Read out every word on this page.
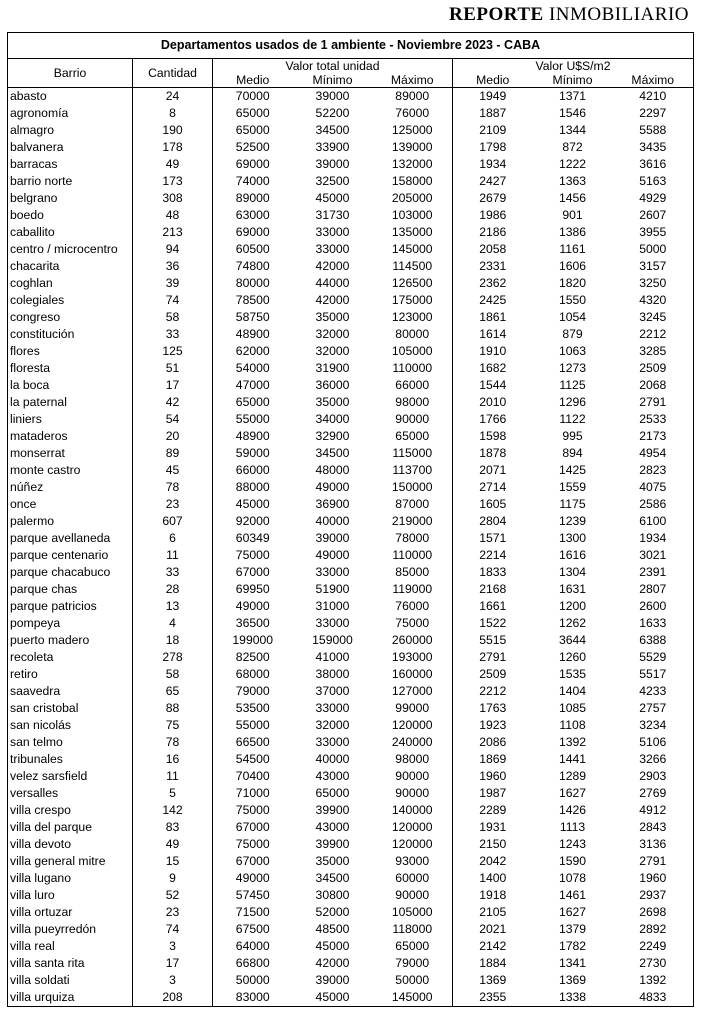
REPORTE INMOBILIARIO
Departamentos usados de 1 ambiente - Noviembre 2023 - CABA							
Barrio	Cantidad	Valor total unidad			Valor U$S/m2		
		Medio	Mínimo	Máximo	Medio	Mínimo	Máximo
abasto	24	70000	39000	89000	1949	1371	4210
agronomía	8	65000	52200	76000	1887	1546	2297
almagro	190	65000	34500	125000	2109	1344	5588
balvanera	178	52500	33900	139000	1798	872	3435
barracas	49	69000	39000	132000	1934	1222	3616
barrio norte	173	74000	32500	158000	2427	1363	5163
belgrano	308	89000	45000	205000	2679	1456	4929
boedo	48	63000	31730	103000	1986	901	2607
caballito	213	69000	33000	135000	2186	1386	3955
centro / microcentro	94	60500	33000	145000	2058	1161	5000
chacarita	36	74800	42000	114500	2331	1606	3157
coghlan	39	80000	44000	126500	2362	1820	3250
colegiales	74	78500	42000	175000	2425	1550	4320
congreso	58	58750	35000	123000	1861	1054	3245
constitución	33	48900	32000	80000	1614	879	2212
flores	125	62000	32000	105000	1910	1063	3285
floresta	51	54000	31900	110000	1682	1273	2509
la boca	17	47000	36000	66000	1544	1125	2068
la paternal	42	65000	35000	98000	2010	1296	2791
liniers	54	55000	34000	90000	1766	1122	2533
mataderos	20	48900	32900	65000	1598	995	2173
monserrat	89	59000	34500	115000	1878	894	4954
monte castro	45	66000	48000	113700	2071	1425	2823
núñez	78	88000	49000	150000	2714	1559	4075
once	23	45000	36900	87000	1605	1175	2586
palermo	607	92000	40000	219000	2804	1239	6100
parque avellaneda	6	60349	39000	78000	1571	1300	1934
parque centenario	11	75000	49000	110000	2214	1616	3021
parque chacabuco	33	67000	33000	85000	1833	1304	2391
parque chas	28	69950	51900	119000	2168	1631	2807
parque patricios	13	49000	31000	76000	1661	1200	2600
pompeya	4	36500	33000	75000	1522	1262	1633
puerto madero	18	199000	159000	260000	5515	3644	6388
recoleta	278	82500	41000	193000	2791	1260	5529
retiro	58	68000	38000	160000	2509	1535	5517
saavedra	65	79000	37000	127000	2212	1404	4233
san cristobal	88	53500	33000	99000	1763	1085	2757
san nicolás	75	55000	32000	120000	1923	1108	3234
san telmo	78	66500	33000	240000	2086	1392	5106
tribunales	16	54500	40000	98000	1869	1441	3266
velez sarsfield	11	70400	43000	90000	1960	1289	2903
versalles	5	71000	65000	90000	1987	1627	2769
villa crespo	142	75000	39900	140000	2289	1426	4912
villa del parque	83	67000	43000	120000	1931	1113	2843
villa devoto	49	75000	39900	120000	2150	1243	3136
villa general mitre	15	67000	35000	93000	2042	1590	2791
villa lugano	9	49000	34500	60000	1400	1078	1960
villa luro	52	57450	30800	90000	1918	1461	2937
villa ortuzar	23	71500	52000	105000	2105	1627	2698
villa pueyrredón	74	67500	48500	118000	2021	1379	2892
villa real	3	64000	45000	65000	2142	1782	2249
villa santa rita	17	66800	42000	79000	1884	1341	2730
villa soldati	3	50000	39000	50000	1369	1369	1392
villa urquiza	208	83000	45000	145000	2355	1338	4833
